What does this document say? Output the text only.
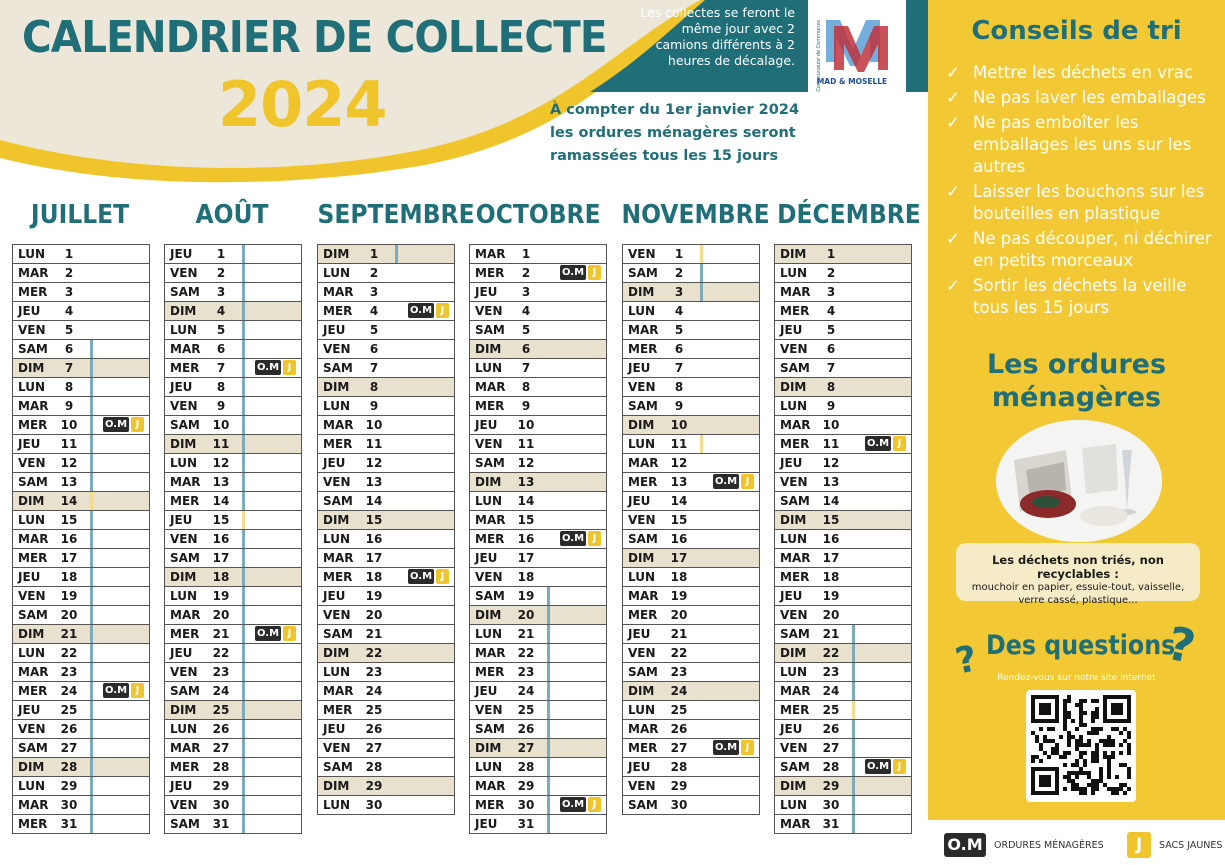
CALENDRIER DE COLLECTE
2024
Les collectes se feront le même jour avec 2 camions différents à 2 heures de décalage.
À compter du 1er janvier 2024 les ordures ménagères seront ramassées tous les 15 jours
Communauté de Communes
MAD & MOSELLE
JUILLET	AOÛT	SEPTEMBRE OCTOBRE NOVEMBRE DÉCEMBRE
LUN	1
MAR	2
MER	3
JEU	4
VEN	5
SAM	6
DIM	7
LUN	8
MAR	9
MER 10	O.M J
JEU 11
VEN 12
SAM 13
DIM 14
LUN 15
MAR 16
MER 17
JEU 18
VEN 19
SAM 20
DIM 21
LUN 22
MAR 23
MER 24	O.M J
JEU 25
VEN 26
SAM 27
DIM 28
LUN 29
MAR 30
MER 31
JEU	1
VEN	2
SAM	3
DIM	4
LUN	5
MAR	6
MER	7	O.M J
JEU	8
VEN	9
SAM 10
DIM 11
LUN 12
MAR 13
MER 14
JEU 15
VEN 16
SAM 17
DIM 18
LUN 19
MAR 20
MER 21	O.M J
JEU 22
VEN 23
SAM 24
DIM 25
LUN 26
MAR 27
MER 28
JEU 29
VEN 30
SAM 31
DIM	1
LUN	2
MAR	3
MER	4	O.M J
JEU	5
VEN	6
SAM	7
DIM	8
LUN	9
MAR 10
MER 11
JEU 12
VEN 13
SAM 14
DIM 15
LUN 16
MAR 17
MER 18	O.M J
JEU 19
VEN 20
SAM 21
DIM 22
LUN 23
MAR 24
MER 25
JEU 26
VEN 27
SAM 28
DIM 29
LUN 30
MAR	1
MER	2	O.M J
JEU	3
VEN	4
SAM	5
DIM	6
LUN	7
MAR	8
MER	9
JEU 10
VEN 11
SAM 12
DIM 13
LUN 14
MAR 15
MER 16	O.M J
JEU 17
VEN 18
SAM 19
DIM 20
LUN 21
MAR 22
MER 23
JEU 24
VEN 25
SAM 26
DIM 27
LUN 28
MAR 29
MER 30	O.M J
JEU 31
VEN	1
SAM	2
DIM	3
LUN	4
MAR	5
MER	6
JEU	7
VEN	8
SAM	9
DIM 10
LUN 11
MAR 12
MER 13	O.M J
JEU 14
VEN 15
SAM 16
DIM 17
LUN 18
MAR 19
MER 20
JEU 21
VEN 22
SAM 23
DIM 24
LUN 25
MAR 26
MER 27	O.M J
JEU 28
VEN 29
SAM 30
DIM	1
LUN	2
MAR	3
MER	4
JEU	5
VEN	6
SAM	7
DIM	8
LUN	9
MAR 10
MER 11	O.M J
JEU 12
VEN 13
SAM 14
DIM 15
LUN 16
MAR 17
MER 18
JEU 19
VEN 20
SAM 21
DIM 22
LUN 23
MAR 24
MER 25
JEU 26
VEN 27
SAM 28	O.M J
DIM 29
LUN 30
MAR 31
Conseils de tri
✓ Mettre les déchets en vrac
✓ Ne pas laver les emballages
✓ Ne pas emboîter les emballages les uns sur les autres
✓ Laisser les bouchons sur les bouteilles en plastique
✓ Ne pas découper, ni déchirer en petits morceaux
✓ Sortir les déchets la veille tous les 15 jours
Les ordures
ménagères
Les déchets non triés, non recyclables :
mouchoir en papier, essuie-tout, vaisselle,
verre cassé, plastique...
? Des questions
?
Rendez-vous sur notre site internet
O.M	ORDURES MÉNAGÈRES	J	SACS JAUNES
